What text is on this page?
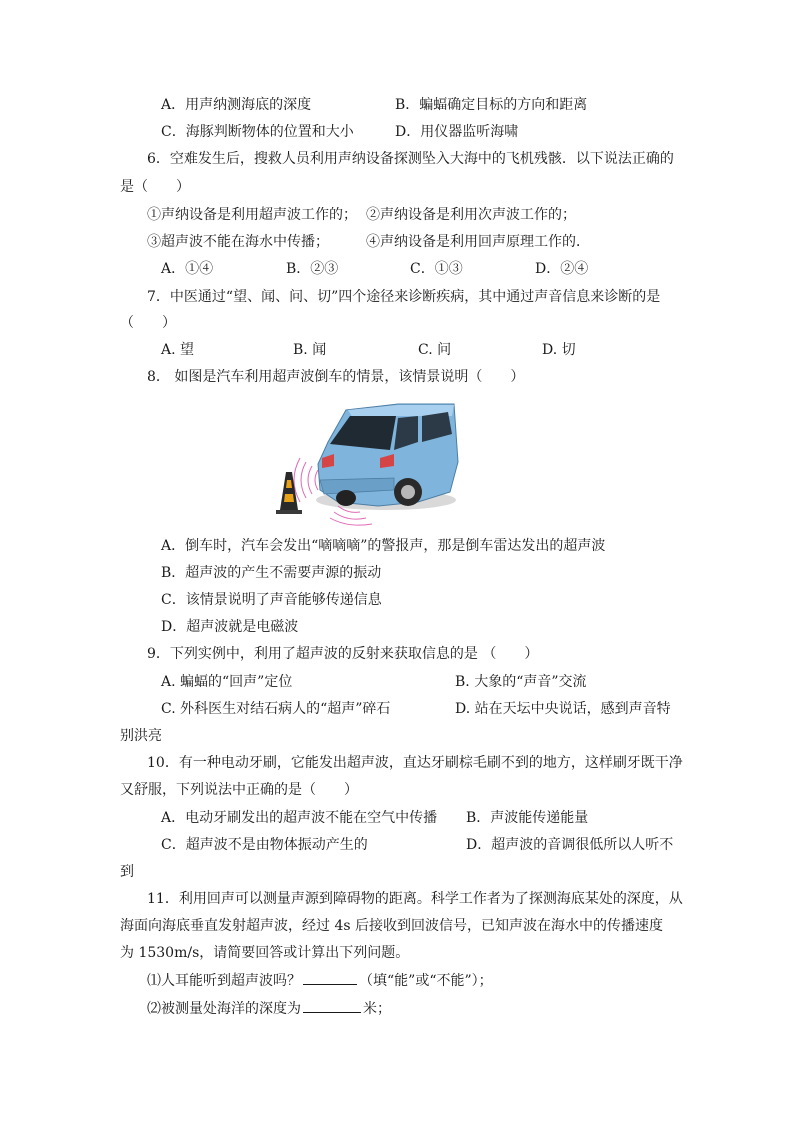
A．用声纳测海底的深度	B．蝙蝠确定目标的方向和距离
C．海豚判断物体的位置和大小	D．用仪器监听海啸
6．空难发生后，搜救人员利用声纳设备探测坠入大海中的飞机残骸．以下说法正确的
是（　　）
①声纳设备是利用超声波工作的； ②声纳设备是利用次声波工作的；
③超声波不能在海水中传播；	④声纳设备是利用回声原理工作的．
A．①④	B．②③	C．①③	D．②④
7．中医通过“望、闻、问、切”四个途径来诊断疾病，其中通过声音信息来诊断的是
（　　）
A. 望	B. 闻	C. 问	D. 切
8． 如图是汽车利用超声波倒车的情景，该情景说明（　　）
A．倒车时，汽车会发出“嘀嘀嘀”的警报声，那是倒车雷达发出的超声波
B．超声波的产生不需要声源的振动
C．该情景说明了声音能够传递信息
D．超声波就是电磁波
9．下列实例中，利用了超声波的反射来获取信息的是 （　　）
A. 蝙蝠的“回声”定位	B. 大象的“声音”交流
C. 外科医生对结石病人的“超声”碎石	D. 站在天坛中央说话，感到声音特
别洪亮
10．有一种电动牙刷，它能发出超声波，直达牙刷棕毛刷不到的地方，这样刷牙既干净
又舒服，下列说法中正确的是（　　）
A．电动牙刷发出的超声波不能在空气中传播 B．声波能传递能量
C．超声波不是由物体振动产生的	D．超声波的音调很低所以人听不
到
11．利用回声可以测量声源到障碍物的距离。科学工作者为了探测海底某处的深度，从
海面向海底垂直发射超声波，经过 4s 后接收到回波信号，已知声波在海水中的传播速度
为 1530m/s，请简要回答或计算出下列问题。
⑴人耳能听到超声波吗？	（填“能”或“不能”）；
⑵被测量处海洋的深度为	米；
